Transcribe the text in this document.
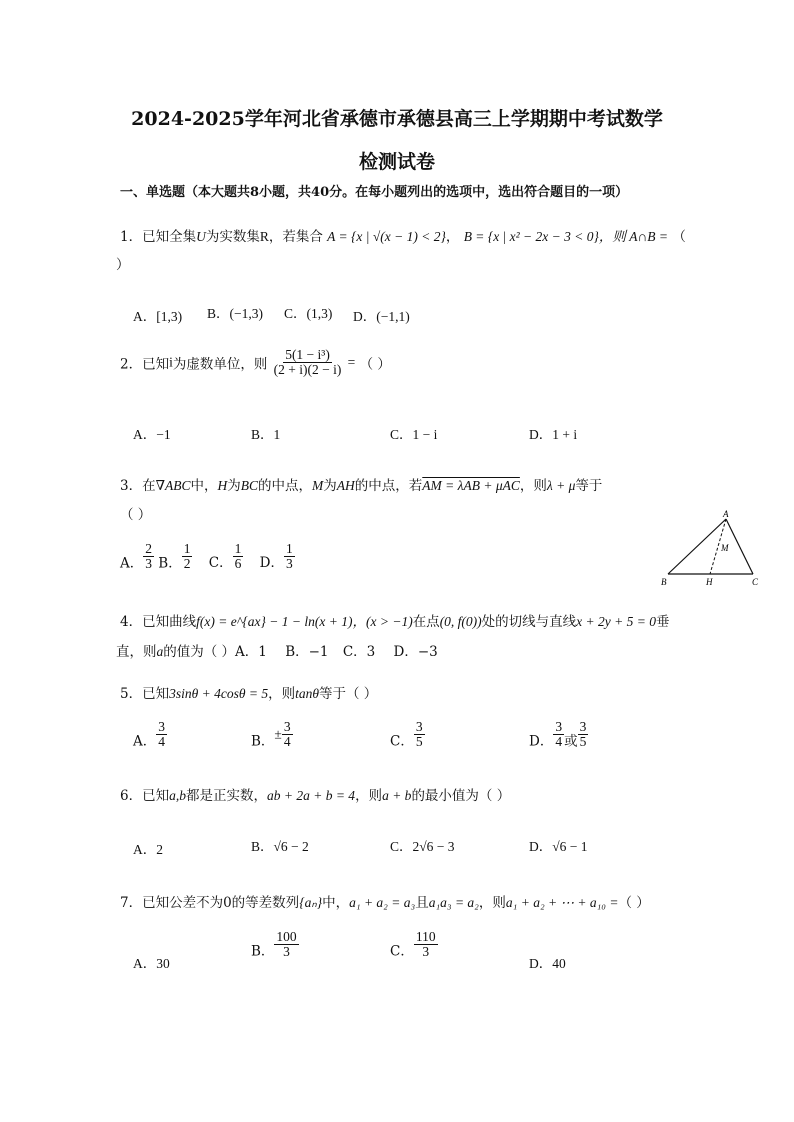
2024-2025学年河北省承德市承德县高三上学期期中考试数学
检测试卷
一、单选题（本大题共8小题，共40分。在每小题列出的选项中，选出符合题目的一项）
1．已知全集U为实数集R，若集合 A = {x | √(x − 1) < 2}， B = {x | x² − 2x − 3 < 0}，则 A∩B = （
）
A．[1,3) B．(−1,3) C．(1,3) D．(−1,1)
2．已知i为虚数单位，则 $\frac{\text{5(1 − i³)}}{(2 + i)(2 - i)}$ = （ ）
A．−1	B．1	C．1 − i	D．1 + i
3．在∇ABC中，H为BC的中点，M为AH的中点，若AM = λAB + μAC，则λ + μ等于
（ ）
A． $\frac{2}{3}$ B． $\frac{1}{2}$ C． $\frac{1}{6}$ D． $\frac{1}{3}$
A
B	C
H
M
4．已知曲线f(x) = e^{ax} − 1 − ln(x + 1)，(x > −1)在点(0, f(0))处的切线与直线x + 2y + 5 = 0垂
直，则a的值为（ ）A．1 B．−1 C．3 D．−3
5．已知3sinθ + 4cosθ = 5，则tanθ等于（ ）
A． $\frac{3}{4}$	B．± $\frac{3}{4}$	C． $\frac{3}{5}$	D． $\frac{3}{4}$ 或 $\frac{3}{5}$
6．已知a,b都是正实数，ab + 2a + b = 4，则a + b的最小值为（ ）
A．2	B．√6 − 2	C．2√6 − 3	D．√6 − 1
7．已知公差不为0的等差数列{aₙ}中，a₁ + a₂ = a₃且a₁a₃ = a₂，则a₁ + a₂ + ⋯ + a₁₀ =（ ）
A．30
B． $\frac{100}{3}$	C． $\frac{110}{3}$
D．40
